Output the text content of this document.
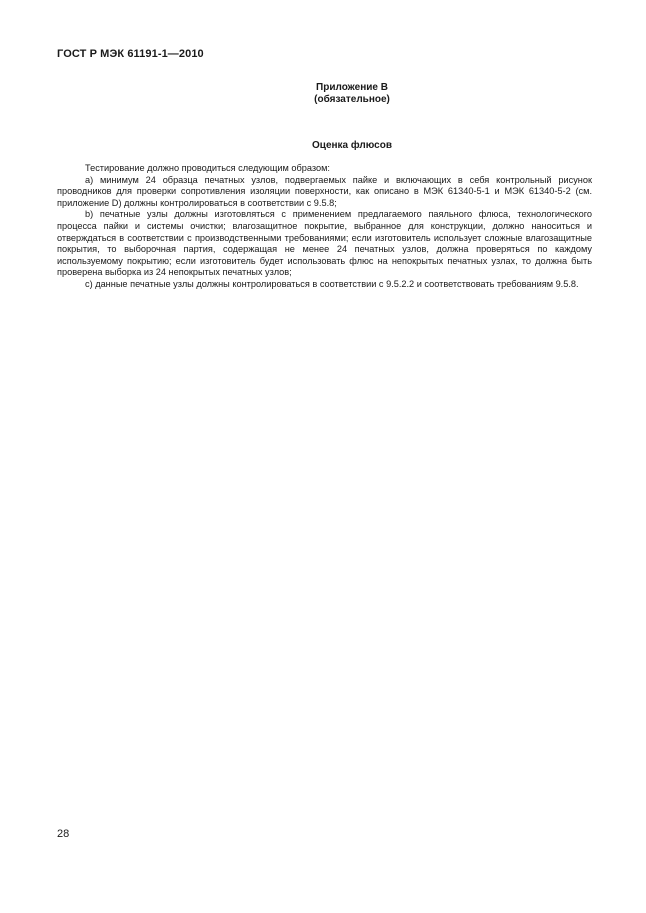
ГОСТ Р МЭК 61191-1—2010
Приложение В
(обязательное)
Оценка флюсов

Тестирование должно проводиться следующим образом:

а) минимум 24 образца печатных узлов, подвергаемых пайке и включающих в себя контрольный рисунок проводников для проверки сопротивления изоляции поверхности, как описано в МЭК 61340-5-1 и МЭК 61340-5-2 (см. приложение D) должны контролироваться в соответствии с 9.5.8;

b) печатные узлы должны изготовляться с применением предлагаемого паяльного флюса, технологического процесса пайки и системы очистки; влагозащитное покрытие, выбранное для конструкции, должно наноситься и отверждаться в соответствии с производственными требованиями; если изготовитель использует сложные влагозащитные покрытия, то выборочная партия, содержащая не менее 24 печатных узлов, должна проверяться по каждому используемому покрытию; если изготовитель будет использовать флюс на непокрытых печатных узлах, то должна быть проверена выборка из 24 непокрытых печатных узлов;

c) данные печатные узлы должны контролироваться в соответствии с 9.5.2.2 и соответствовать требованиям 9.5.8.

28
